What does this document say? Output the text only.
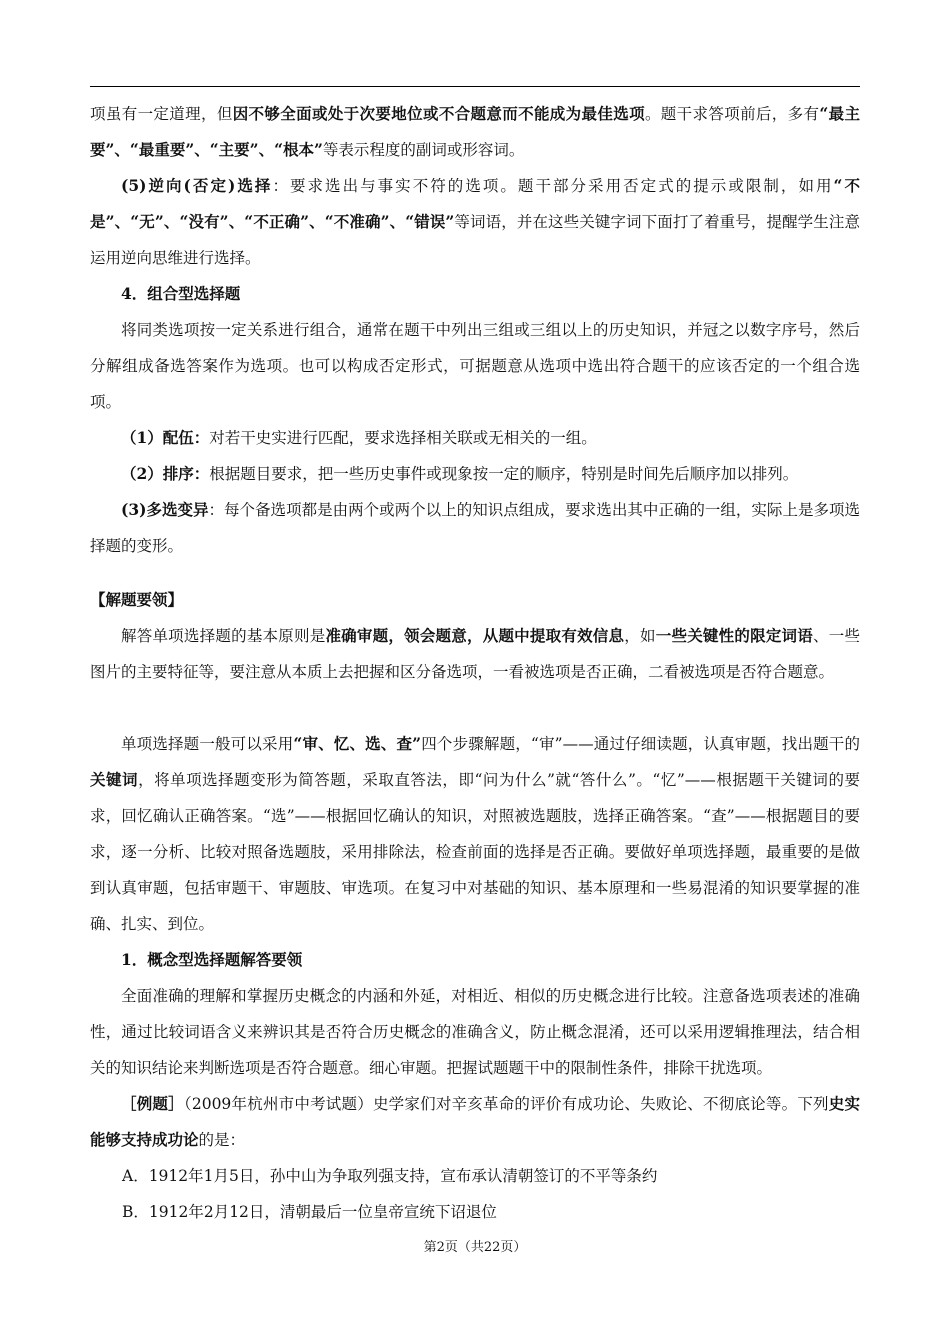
项虽有一定道理，但因不够全面或处于次要地位或不合题意而不能成为最佳选项。题干求答项前后，多有“最主要”、“最重要”、“主要”、“根本”等表示程度的副词或形容词。

(5)逆向(否定)选择：要求选出与事实不符的选项。题干部分采用否定式的提示或限制，如用“不是”、“无”、“没有”、“不正确”、“不准确”、“错误”等词语，并在这些关键字词下面打了着重号，提醒学生注意运用逆向思维进行选择。

4．组合型选择题

将同类选项按一定关系进行组合，通常在题干中列出三组或三组以上的历史知识，并冠之以数字序号，然后分解组成备选答案作为选项。也可以构成否定形式，可据题意从选项中选出符合题干的应该否定的一个组合选项。

（1）配伍：对若干史实进行匹配，要求选择相关联或无相关的一组。

（2）排序：根据题目要求，把一些历史事件或现象按一定的顺序，特别是时间先后顺序加以排列。

(3)多选变异：每个备选项都是由两个或两个以上的知识点组成，要求选出其中正确的一组，实际上是多项选择题的变形。

【解题要领】

解答单项选择题的基本原则是准确审题，领会题意，从题中提取有效信息，如一些关键性的限定词语、一些图片的主要特征等，要注意从本质上去把握和区分备选项，一看被选项是否正确，二看被选项是否符合题意。

单项选择题一般可以采用“审、忆、选、查”四个步骤解题，“审”——通过仔细读题，认真审题，找出题干的关键词，将单项选择题变形为简答题，采取直答法，即“问为什么”就“答什么”。“忆”——根据题干关键词的要求，回忆确认正确答案。“选”——根据回忆确认的知识，对照被选题肢，选择正确答案。“查”——根据题目的要求，逐一分析、比较对照备选题肢，采用排除法，检查前面的选择是否正确。要做好单项选择题，最重要的是做到认真审题，包括审题干、审题肢、审选项。在复习中对基础的知识、基本原理和一些易混淆的知识要掌握的准确、扎实、到位。

1．概念型选择题解答要领

全面准确的理解和掌握历史概念的内涵和外延，对相近、相似的历史概念进行比较。注意备选项表述的准确性，通过比较词语含义来辨识其是否符合历史概念的准确含义，防止概念混淆，还可以采用逻辑推理法，结合相关的知识结论来判断选项是否符合题意。细心审题。把握试题题干中的限制性条件，排除干扰选项。

［例题］（2009年杭州市中考试题）史学家们对辛亥革命的评价有成功论、失败论、不彻底论等。下列史实能够支持成功论的是：

A．1912年1月5日，孙中山为争取列强支持，宣布承认清朝签订的不平等条约

B．1912年2月12日，清朝最后一位皇帝宣统下诏退位

第2页（共22页）
